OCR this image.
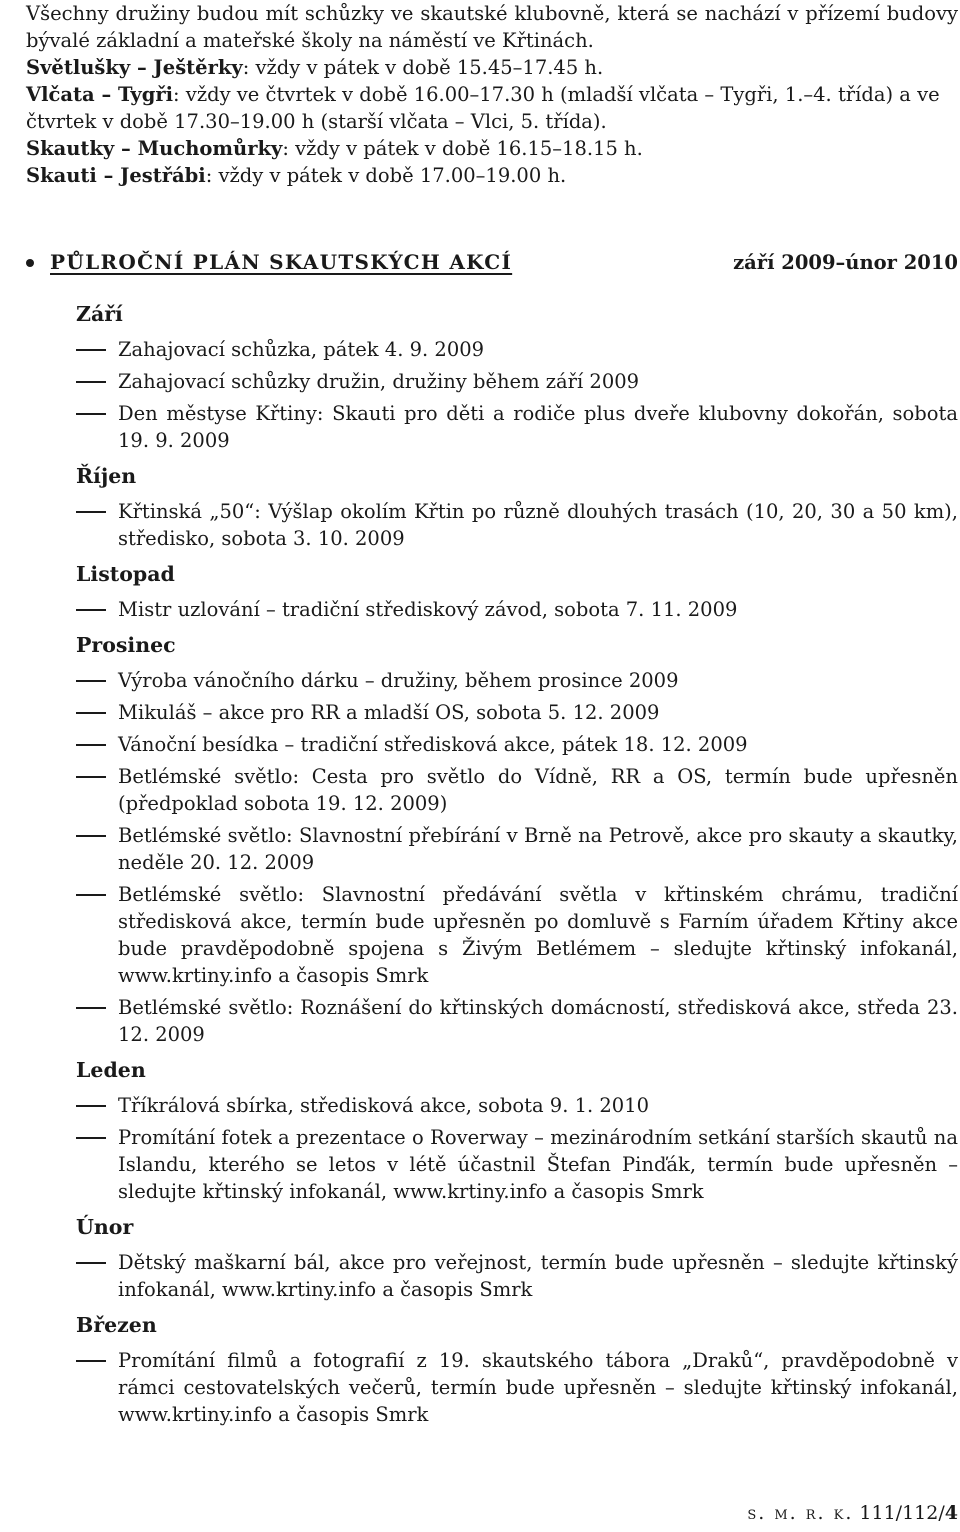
Všechny družiny budou mít schůzky ve skautské klubovně, která se nachází v přízemí budovy bývalé základní a mateřské školy na náměstí ve Křtinách.

Světlušky – Ještěrky: vždy v pátek v době 15.45–17.45 h.

Vlčata – Tygři: vždy ve čtvrtek v době 16.00–17.30 h (mladší vlčata – Tygři, 1.–4. třída) a ve čtvrtek v době 17.30–19.00 h (starší vlčata – Vlci, 5. třída).

Skautky – Muchomůrky: vždy v pátek v době 16.15–18.15 h.

Skauti – Jestřábi: vždy v pátek v době 17.00–19.00 h.

PŮLROČNÍ PLÁN SKAUTSKÝCH AKCÍ	září 2009–únor 2010
Září
Zahajovací schůzka, pátek 4. 9. 2009
Zahajovací schůzky družin, družiny během září 2009
Den městyse Křtiny: Skauti pro děti a rodiče plus dveře klubovny dokořán, sobota 19. 9. 2009
Říjen
Křtinská „50“: Výšlap okolím Křtin po různě dlouhých trasách (10, 20, 30 a 50 km), středisko, sobota 3. 10. 2009
Listopad
Mistr uzlování – tradiční střediskový závod, sobota 7. 11. 2009
Prosinec
Výroba vánočního dárku – družiny, během prosince 2009
Mikuláš – akce pro RR a mladší OS, sobota 5. 12. 2009
Vánoční besídka – tradiční středisková akce, pátek 18. 12. 2009
Betlémské světlo: Cesta pro světlo do Vídně, RR a OS, termín bude upřesněn (předpoklad sobota 19. 12. 2009)
Betlémské světlo: Slavnostní přebírání v Brně na Petrově, akce pro skauty a skautky, neděle 20. 12. 2009
Betlémské světlo: Slavnostní předávání světla v křtinském chrámu, tradiční středisková akce, termín bude upřesněn po domluvě s Farním úřadem Křtiny akce bude pravděpodobně spojena s Živým Betlémem – sledujte křtinský infokanál, www.krtiny.info a časopis Smrk
Betlémské světlo: Roznášení do křtinských domácností, středisková akce, středa 23. 12. 2009
Leden
Tříkrálová sbírka, středisková akce, sobota 9. 1. 2010
Promítání fotek a prezentace o Roverway – mezinárodním setkání starších skautů na Islandu, kterého se letos v létě účastnil Štefan Pinďák, termín bude upřesněn – sledujte křtinský infokanál, www.krtiny.info a časopis Smrk
Únor
Dětský maškarní bál, akce pro veřejnost, termín bude upřesněn – sledujte křtinský infokanál, www.krtiny.info a časopis Smrk
Březen
Promítání filmů a fotografií z 19. skautského tábora „Draků“, pravděpodobně v rámci cestovatelských večerů, termín bude upřesněn – sledujte křtinský infokanál, www.krtiny.info a časopis Smrk
s. m. r. k. 111/112/4
